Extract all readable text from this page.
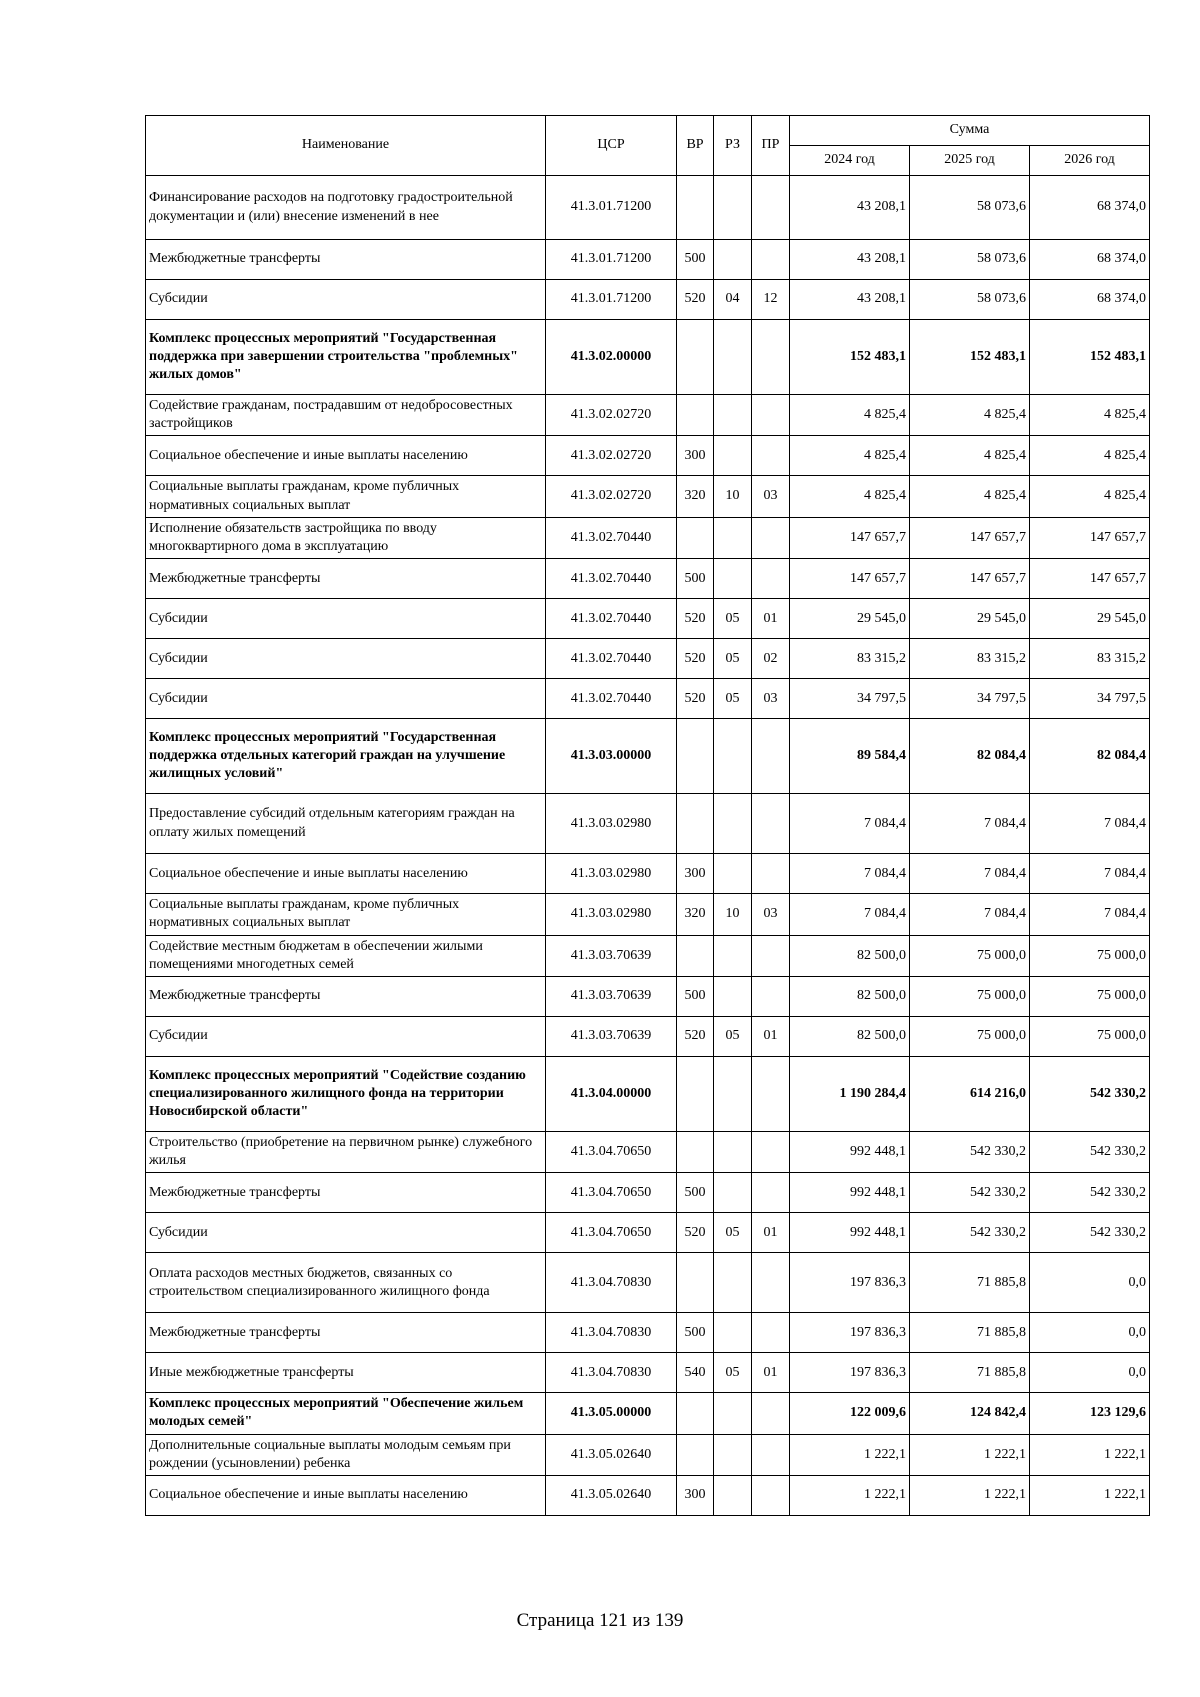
Наименование	ЦСР	ВР	РЗ	ПР	Сумма		
					2024 год	2025 год	2026 год
Финансирование расходов на подготовку градостроительной документации и (или) внесение изменений в нее	41.3.01.71200				43 208,1	58 073,6	68 374,0
Межбюджетные трансферты	41.3.01.71200	500			43 208,1	58 073,6	68 374,0
Субсидии	41.3.01.71200	520	04	12	43 208,1	58 073,6	68 374,0
Комплекс процессных мероприятий "Государственная поддержка при завершении строительства "проблемных" жилых домов"	41.3.02.00000				152 483,1	152 483,1	152 483,1
Содействие гражданам, пострадавшим от недобросовестных застройщиков	41.3.02.02720				4 825,4	4 825,4	4 825,4
Социальное обеспечение и иные выплаты населению	41.3.02.02720	300			4 825,4	4 825,4	4 825,4
Социальные выплаты гражданам, кроме публичных нормативных социальных выплат	41.3.02.02720	320	10	03	4 825,4	4 825,4	4 825,4
Исполнение обязательств застройщика по вводу многоквартирного дома в эксплуатацию	41.3.02.70440				147 657,7	147 657,7	147 657,7
Межбюджетные трансферты	41.3.02.70440	500			147 657,7	147 657,7	147 657,7
Субсидии	41.3.02.70440	520	05	01	29 545,0	29 545,0	29 545,0
Субсидии	41.3.02.70440	520	05	02	83 315,2	83 315,2	83 315,2
Субсидии	41.3.02.70440	520	05	03	34 797,5	34 797,5	34 797,5
Комплекс процессных мероприятий "Государственная поддержка отдельных категорий граждан на улучшение жилищных условий"	41.3.03.00000				89 584,4	82 084,4	82 084,4
Предоставление субсидий отдельным категориям граждан на оплату жилых помещений	41.3.03.02980				7 084,4	7 084,4	7 084,4
Социальное обеспечение и иные выплаты населению	41.3.03.02980	300			7 084,4	7 084,4	7 084,4
Социальные выплаты гражданам, кроме публичных нормативных социальных выплат	41.3.03.02980	320	10	03	7 084,4	7 084,4	7 084,4
Содействие местным бюджетам в обеспечении жилыми помещениями многодетных семей	41.3.03.70639				82 500,0	75 000,0	75 000,0
Межбюджетные трансферты	41.3.03.70639	500			82 500,0	75 000,0	75 000,0
Субсидии	41.3.03.70639	520	05	01	82 500,0	75 000,0	75 000,0
Комплекс процессных мероприятий "Содействие созданию специализированного жилищного фонда на территории Новосибирской области"	41.3.04.00000				1 190 284,4	614 216,0	542 330,2
Строительство (приобретение на первичном рынке) служебного жилья	41.3.04.70650				992 448,1	542 330,2	542 330,2
Межбюджетные трансферты	41.3.04.70650	500			992 448,1	542 330,2	542 330,2
Субсидии	41.3.04.70650	520	05	01	992 448,1	542 330,2	542 330,2
Оплата расходов местных бюджетов, связанных со строительством специализированного жилищного фонда	41.3.04.70830				197 836,3	71 885,8	0,0
Межбюджетные трансферты	41.3.04.70830	500			197 836,3	71 885,8	0,0
Иные межбюджетные трансферты	41.3.04.70830	540	05	01	197 836,3	71 885,8	0,0
Комплекс процессных мероприятий "Обеспечение жильем молодых семей"	41.3.05.00000				122 009,6	124 842,4	123 129,6
Дополнительные социальные выплаты молодым семьям при рождении (усыновлении) ребенка	41.3.05.02640				1 222,1	1 222,1	1 222,1
Социальное обеспечение и иные выплаты населению	41.3.05.02640	300			1 222,1	1 222,1	1 222,1
Страница 121 из 139
